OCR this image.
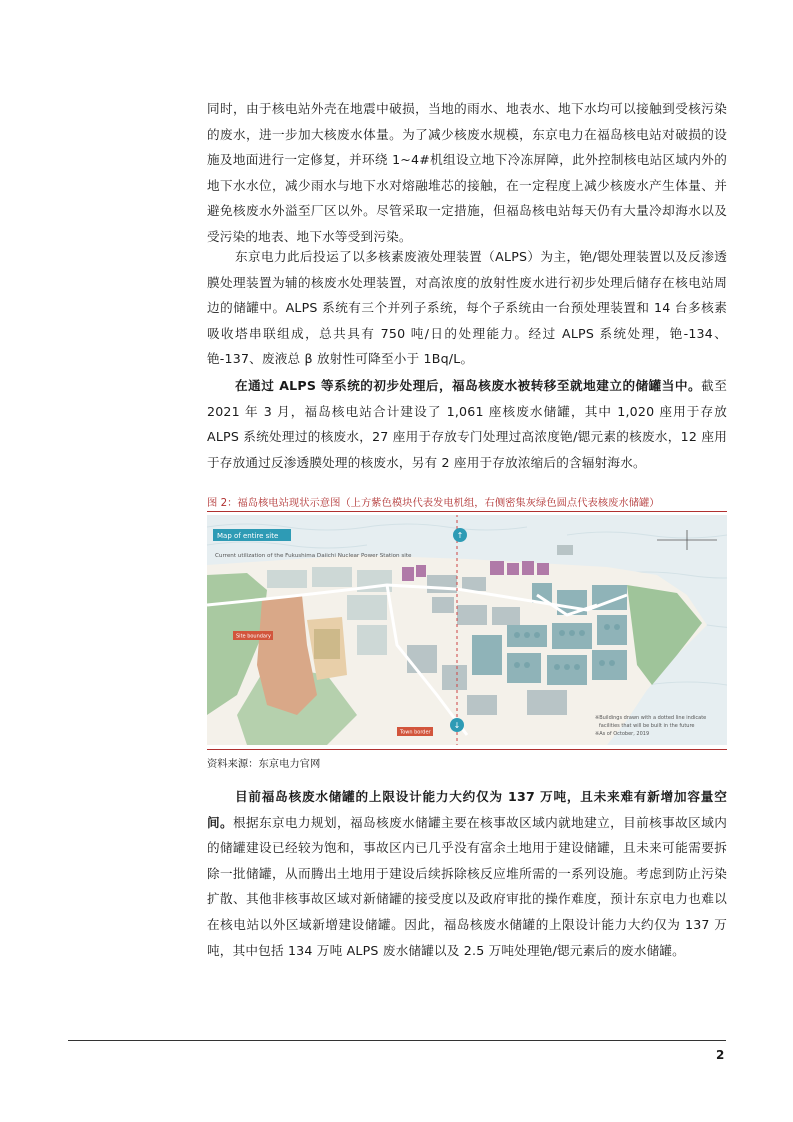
同时，由于核电站外壳在地震中破损，当地的雨水、地表水、地下水均可以接触到受核污染的废水，进一步加大核废水体量。为了减少核废水规模，东京电力在福岛核电站对破损的设施及地面进行一定修复，并环绕 1~4#机组设立地下冷冻屏障，此外控制核电站区域内外的地下水水位，减少雨水与地下水对熔融堆芯的接触，在一定程度上减少核废水产生体量、并避免核废水外溢至厂区以外。尽管采取一定措施，但福岛核电站每天仍有大量冷却海水以及受污染的地表、地下水等受到污染。

东京电力此后投运了以多核素废液处理装置（ALPS）为主，铯/锶处理装置以及反渗透膜处理装置为辅的核废水处理装置，对高浓度的放射性废水进行初步处理后储存在核电站周边的储罐中。ALPS 系统有三个并列子系统，每个子系统由一台预处理装置和 14 台多核素吸收塔串联组成，总共具有 750 吨/日的处理能力。经过 ALPS 系统处理，铯-134、铯-137、废液总 β 放射性可降至小于 1Bq/L。

在通过 ALPS 等系统的初步处理后，福岛核废水被转移至就地建立的储罐当中。截至 2021 年 3 月，福岛核电站合计建设了 1,061 座核废水储罐，其中 1,020 座用于存放 ALPS 系统处理过的核废水，27 座用于存放专门处理过高浓度铯/锶元素的核废水，12 座用于存放通过反渗透膜处理的核废水，另有 2 座用于存放浓缩后的含辐射海水。

图 2：福岛核电站现状示意图（上方紫色模块代表发电机组，右侧密集灰绿色圆点代表核废水储罐）

↑
↓
Map of entire site
Current utilization of the Fukushima Daiichi Nuclear Power Station site
Site boundary
Town border
※Buildings drawn with a dotted line indicate
facilities that will be built in the future
※As of October, 2019
资料来源：东京电力官网

目前福岛核废水储罐的上限设计能力大约仅为 137 万吨，且未来难有新增加容量空间。根据东京电力规划，福岛核废水储罐主要在核事故区域内就地建立，目前核事故区域内的储罐建设已经较为饱和，事故区内已几乎没有富余土地用于建设储罐，且未来可能需要拆除一批储罐，从而腾出土地用于建设后续拆除核反应堆所需的一系列设施。考虑到防止污染扩散、其他非核事故区域对新储罐的接受度以及政府审批的操作难度，预计东京电力也难以在核电站以外区域新增建设储罐。因此，福岛核废水储罐的上限设计能力大约仅为 137 万吨，其中包括 134 万吨 ALPS 废水储罐以及 2.5 万吨处理铯/锶元素后的废水储罐。

2
